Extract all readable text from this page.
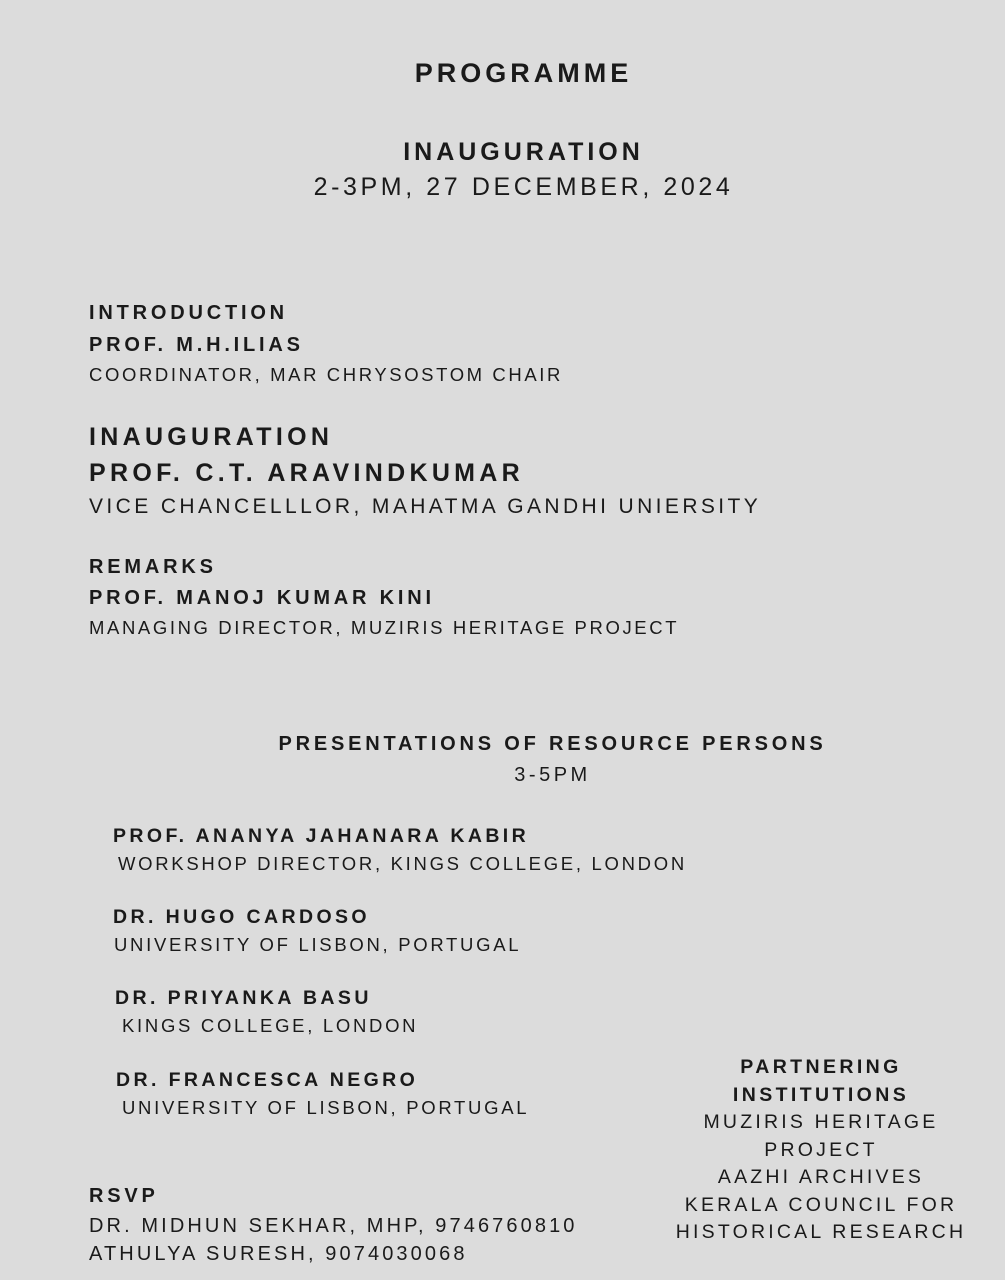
PROGRAMME
INAUGURATION
2-3PM, 27 DECEMBER, 2024
INTRODUCTION
PROF. M.H.ILIAS
COORDINATOR, MAR CHRYSOSTOM CHAIR
INAUGURATION
PROF. C.T. ARAVINDKUMAR
VICE CHANCELLLOR, MAHATMA GANDHI UNIERSITY
REMARKS
PROF. MANOJ KUMAR KINI
MANAGING DIRECTOR, MUZIRIS HERITAGE PROJECT
PRESENTATIONS OF RESOURCE PERSONS
3-5PM
PROF. ANANYA JAHANARA KABIR
WORKSHOP DIRECTOR, KINGS COLLEGE, LONDON
DR. HUGO CARDOSO
UNIVERSITY OF LISBON, PORTUGAL
DR. PRIYANKA BASU
KINGS COLLEGE, LONDON
DR. FRANCESCA NEGRO
UNIVERSITY OF LISBON, PORTUGAL
PARTNERING
INSTITUTIONS
MUZIRIS HERITAGE
PROJECT
AAZHI ARCHIVES
KERALA COUNCIL FOR
HISTORICAL RESEARCH
RSVP
DR. MIDHUN SEKHAR, MHP, 9746760810
ATHULYA SURESH, 9074030068
